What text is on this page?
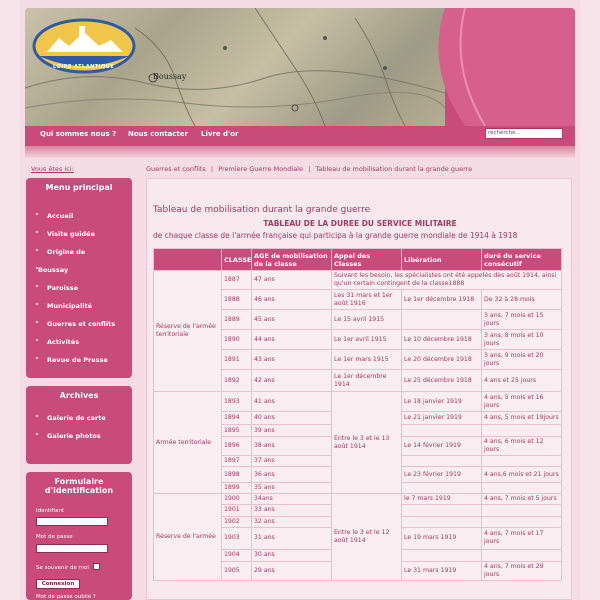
LOIRE ATLANTIQUE
Boussay
Qui sommes nous ? Nous contacter Livre d'or	recherche...
Vous êtes ici:	Guerres et conflits | Premiere Guerre Mondiale | Tableau de mobilisation durant la grande guerre
Menu principal
Accueil
Visite guidée
Origine de
Boussay
Paroisse
Municipalité
Guerres et conflits
Activités
Revue de Presse
Archives
Galerie de carte
Galerie photos
Formulaire d'identification
Identifiant
Mot de passe
Se souvenir de moi
Connexion
Mot de passe oublié ?
Tableau de mobilisation durant la grande guerre
TABLEAU DE LA DUREE DU SERVICE MILITAIRE
de chaque classe de l'armée française qui participa à la grande guerre mondiale de 1914 à 1918
	CLASSE	AGE de mobilisation de la classe	Appel des Classes	Libération	duré du service consécutif
Réserve de l'armée territoriale	1887	47 ans	Suivant les besoin, les spécialistes ont été appelés dès août 1914, ainsi qu'un certain contingent de la classe1888		
	1888	46 ans	Les 31 mars et 1er août 1916	Le 1er décembre 1918	De 32 à 28 mois
	1889	45 ans	Le 15 avril 1915		3 ans, 7 mois et 15 jours
	1890	44 ans	Le 1er avril 1915	Le 10 décembre 1918	3 ans, 8 mois et 10 jours
	1891	43 ans	Le 1er mars 1915	Le 20 décembre 1918	3 ans, 9 mois et 20 jours
	1892	42 ans	Le 1er décembre 1914	Le 25 décembre 1918	4 ans et 25 jours
Armée territoriale	1893	41 ans	Entre le 3 et le 13 août 1914	Le 18 janvier 1919	4 ans, 5 mois et 16 jours
	1894	40 ans		Le 21 janvier 1919	4 ans, 5 mois et 19jours
	1895	39 ans			
	1896	38 ans		Le 14 février 1919	4 ans, 6 mois et 12 jours
	1897	37 ans			
	1898	36 ans		Le 23 février 1919	4 ans,6 mois et 21 jours
	1899	35 ans			
Réserve de l'armée	1900	34ans	Entre le 3 et le 12 août 1914	le 7 mars 1919	4 ans, 7 mois et 5 jours
	1901	33 ans			
	1902	32 ans			
	1903	31 ans		Le 19 mars 1919	4 ans, 7 mois et 17 jours
	1904	30 ans			
	1905	29 ans		Le 31 mars 1919	4 ans, 7 mois et 29 jours
